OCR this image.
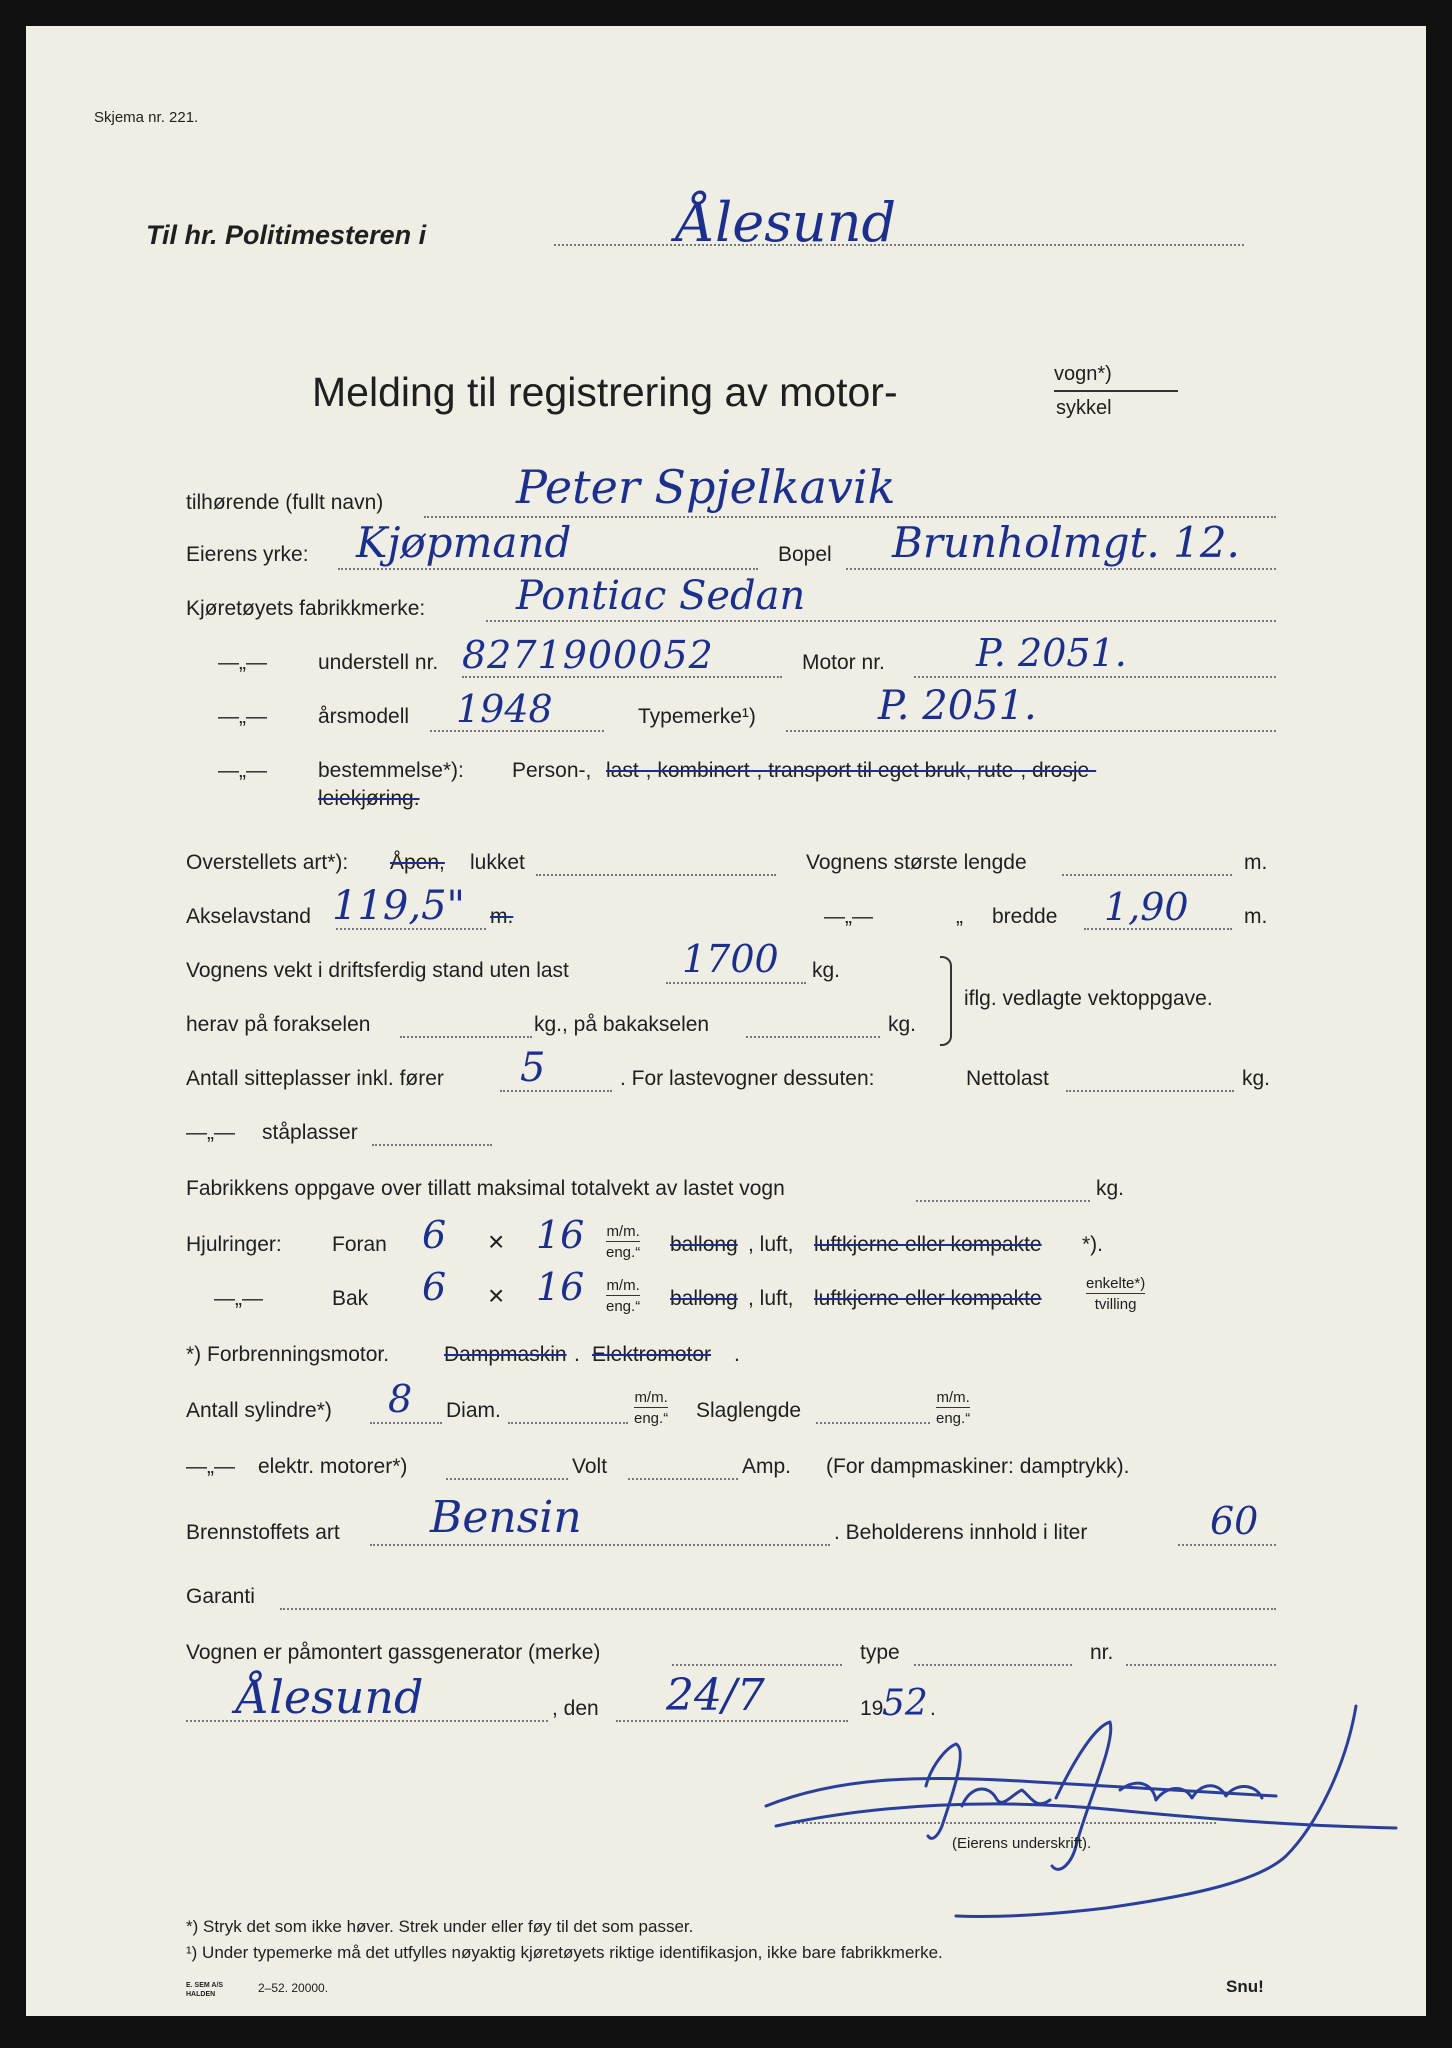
Skjema nr. 221.
Til hr. Politimesteren i	Ålesund
Melding til registrering av motor-	vogn*)
sykkel
tilhørende (fullt navn)	Peter Spjelkavik
Eierens yrke: Kjøpmand	Bopel Brunholmgt. 12.
Kjøretøyets fabrikkmerke: Pontiac Sedan
—„— understell nr. 8271900052	Motor nr. P. 2051.
—„— årsmodell 1948	Typemerke¹)	P. 2051.
—„— bestemmelse*): Person-, last-, kombinert-, transport til eget bruk, rute-, drosje-
leiekjøring.
Overstellets art*): Åpen, lukket	Vognens største lengde	m.
Akselavstand 119,5" m.	—„—	„ bredde 1,90	m.
Vognens vekt i driftsferdig stand uten last	1700 kg.
herav på forakselen	kg., på bakakselen	kg.
iflg. vedlagte vektoppgave.
Antall sitteplasser inkl. fører 5	. For lastevogner dessuten:	Nettolast	kg.
—„— ståplasser
Fabrikkens oppgave over tillatt maksimal totalvekt av lastet vogn	kg.
Hjulringer: Foran 6 × 16 m/m.
eng.“ ballong , luft, luftkjerne eller kompakte *).
—„—	Bak 6 × 16 m/m.
eng.“ ballong , luft, luftkjerne eller kompakte
enkelte*)
tvilling
*) Forbrenningsmotor.	Dampmaskin . Elektromotor .
Antall sylindre*) 8 Diam.
m/m.
eng.“ Slaglengde
m/m.
eng.“
—„— elektr. motorer*)	Volt	Amp. (For dampmaskiner: damptrykk).
Brennstoffets art Bensin	. Beholderens innhold i liter	60
Garanti
Vognen er påmontert gassgenerator (merke)	type	nr.
Ålesund	, den 24/7	19
52 .
(Eierens underskrift).
*) Stryk det som ikke høver. Strek under eller føy til det som passer.
¹) Under typemerke må det utfylles nøyaktig kjøretøyets riktige identifikasjon, ikke bare fabrikkmerke.
E. SEM A/S
HALDEN	2–52. 20000.	Snu!
